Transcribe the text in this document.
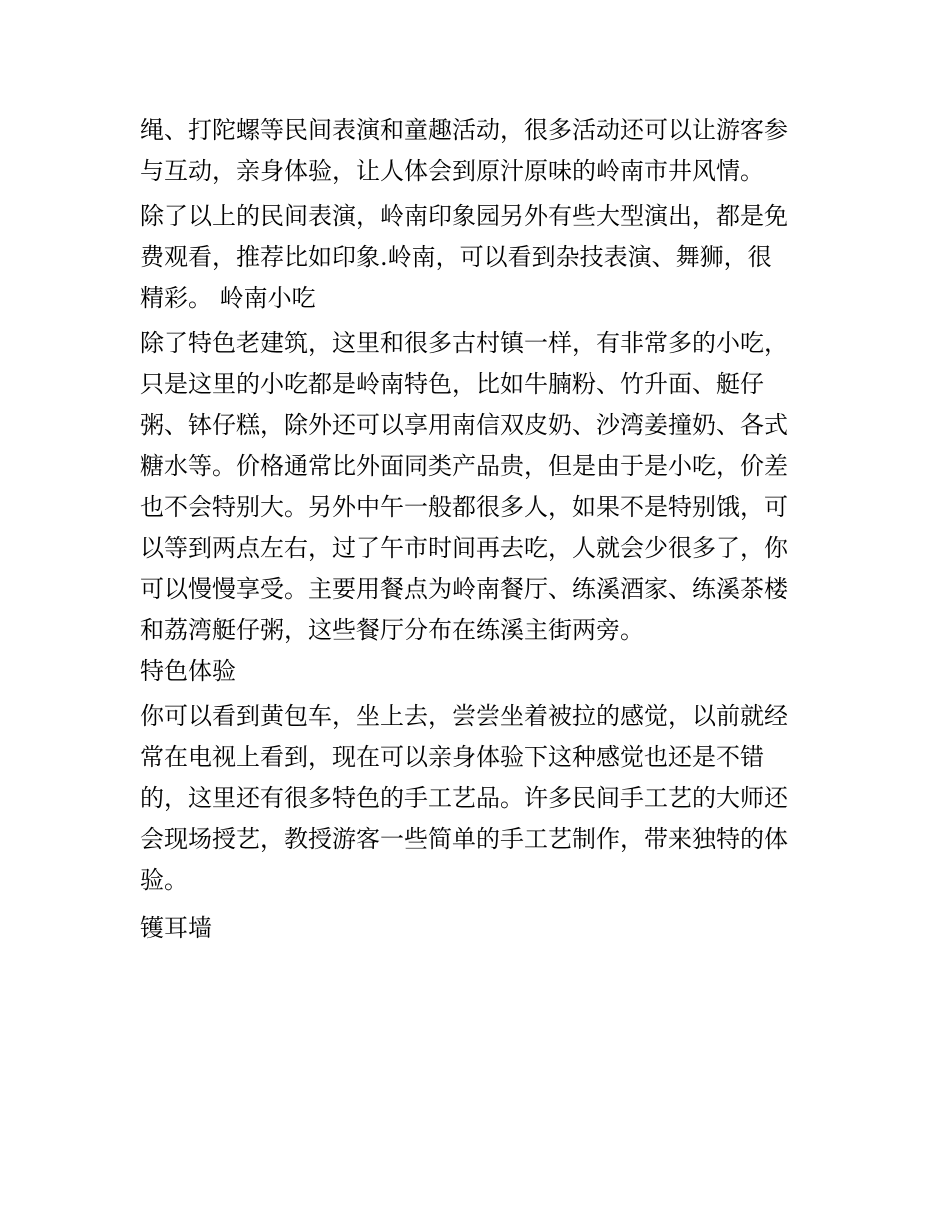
绳、打陀螺等民间表演和童趣活动，很多活动还可以让游客参
与互动，亲身体验，让人体会到原汁原味的岭南市井风情。
除了以上的民间表演，岭南印象园另外有些大型演出，都是免
费观看，推荐比如印象.岭南，可以看到杂技表演、舞狮，很
精彩。 岭南小吃
除了特色老建筑，这里和很多古村镇一样，有非常多的小吃，
只是这里的小吃都是岭南特色，比如牛腩粉、竹升面、艇仔
粥、钵仔糕，除外还可以享用南信双皮奶、沙湾姜撞奶、各式
糖水等。价格通常比外面同类产品贵，但是由于是小吃，价差
也不会特别大。另外中午一般都很多人，如果不是特别饿，可
以等到两点左右，过了午市时间再去吃，人就会少很多了，你
可以慢慢享受。主要用餐点为岭南餐厅、练溪酒家、练溪茶楼
和荔湾艇仔粥，这些餐厅分布在练溪主街两旁。
特色体验
你可以看到黄包车，坐上去，尝尝坐着被拉的感觉，以前就经
常在电视上看到，现在可以亲身体验下这种感觉也还是不错
的，这里还有很多特色的手工艺品。许多民间手工艺的大师还
会现场授艺，教授游客一些简单的手工艺制作，带来独特的体
验。
镬耳墙
